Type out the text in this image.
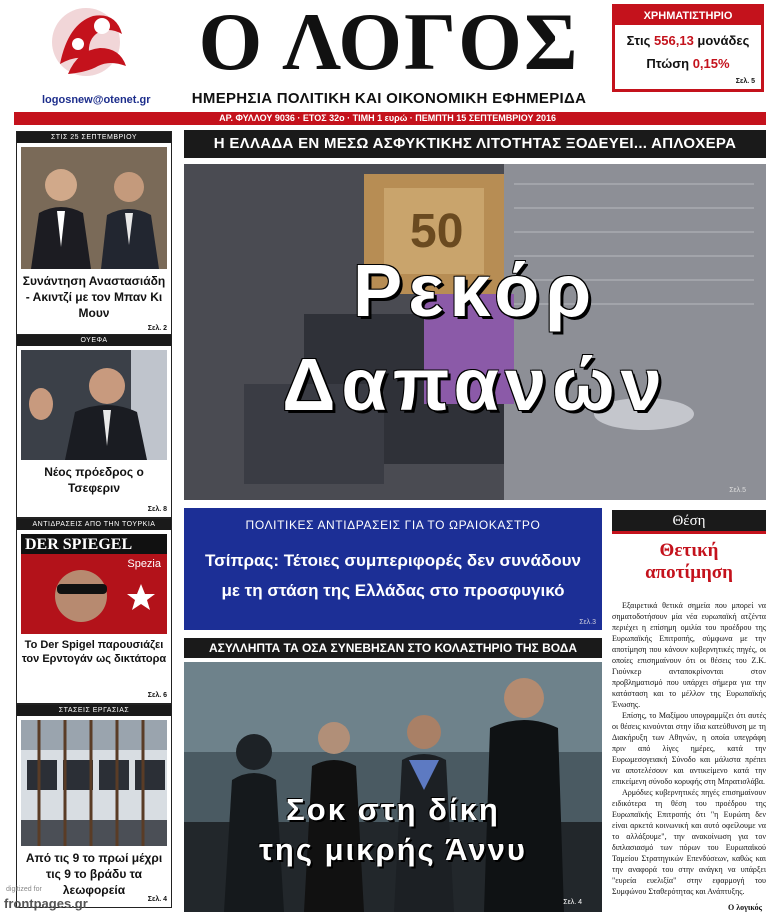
logosnew@otenet.gr
Ο ΛΟΓΟΣ
ΗΜΕΡΗΣΙΑ ΠΟΛΙΤΙΚΗ ΚΑΙ ΟΙΚΟΝΟΜΙΚΗ ΕΦΗΜΕΡΙΔΑ
ΑΡ. ΦΥΛΛΟΥ 9036 · ΕΤΟΣ 32ο · ΤΙΜΗ 1 ευρώ · ΠΕΜΠΤΗ 15 ΣΕΠΤΕΜΒΡΙΟΥ 2016
ΧΡΗΜΑΤΙΣΤΗΡΙΟ
Στις 556,13 μονάδες
Πτώση 0,15%
Σελ. 5
ΣΤΙΣ 25 ΣΕΠΤΕΜΒΡΙΟΥ
Συνάντηση Αναστασιάδη - Ακιντζί με τον Μπαν Κι Μουν
Σελ. 2
ΟΥΕΦΑ
Νέος πρόεδρος ο Τσεφεριν
Σελ. 8
ΑΝΤΙΔΡΑΣΕΙΣ ΑΠΟ ΤΗΝ ΤΟΥΡΚΙΑ
DER SPIEGEL
Spezia
Το Der Spigel παρουσιάζει τον Ερντογάν ως δικτάτορα
Σελ. 6
ΣΤΑΣΕΙΣ ΕΡΓΑΣΙΑΣ
Από τις 9 το πρωί μέχρι τις 9 το βράδυ τα λεωφορεία
Σελ. 4
Η ΕΛΛΑΔΑ ΕΝ ΜΕΣΩ ΑΣΦΥΚΤΙΚΗΣ ΛΙΤΟΤΗΤΑΣ ΞΟΔΕΥΕΙ... ΑΠΛΟΧΕΡΑ
50
Σελ.5
Ρεκόρ
Δαπανών
ΠΟΛΙΤΙΚΕΣ ΑΝΤΙΔΡΑΣΕΙΣ ΓΙΑ ΤΟ ΩΡΑΙΟΚΑΣΤΡΟ
Τσίπρας: Τέτοιες συμπεριφορές δεν συνάδουν
με τη στάση της Ελλάδας στο προσφυγικό
Σελ.3
ΑΣΥΛΛΗΠΤΑ ΤΑ ΟΣΑ ΣΥΝΕΒΗΣΑΝ ΣΤΟ ΚΟΛΑΣΤΗΡΙΟ ΤΗΣ ΒΟΔΑ
Σελ. 4
Σοκ στη δίκη
της μικρής Άννυ
Θέση
Θετική
αποτίμηση

Εξαιρετικά θετικά σημεία που μπορεί να σηματοδοτήσουν μία νέα ευρωπαϊκή ατζέντα περιέχει η επίσημη ομιλία του προέδρου της Ευρωπαϊκής Επιτροπής, σύμφωνα με την αποτίμηση που κάνουν κυβερνητικές πηγές, οι οποίες επισημαίνουν ότι οι θέσεις του Ζ.Κ. Γιούνκερ ανταποκρίνονται στον προβληματισμό που υπάρχει σήμερα για την κατάσταση και το μέλλον της Ευρωπαϊκής Ένωσης.

Επίσης, το Μαξίμου υπογραμμίζει ότι αυτές οι θέσεις κινούνται στην ίδια κατεύθυνση με τη Διακήρυξη των Αθηνών, η οποία υπεγράφη πριν από λίγες ημέρες, κατά την Ευρωμεσογειακή Σύνοδο και μάλιστα πρέπει να αποτελέσουν και αντικείμενο κατά την επικείμενη σύνοδο κορυφής στη Μπρατισλάβα.

Αρμόδιες κυβερνητικές πηγές επισημαίνουν ειδικότερα τη θέση του προέδρου της Ευρωπαϊκής Επιτροπής ότι "η Ευρώπη δεν είναι αρκετά κοινωνική και αυτό οφείλουμε να το αλλάξουμε", την ανακοίνωση για τον διπλασιασμό των πόρων του Ευρωπαϊκού Ταμείου Στρατηγικών Επενδύσεων, καθώς και την αναφορά του στην ανάγκη να υπάρξει "ευρεία ευελιξία" στην εφαρμογή του Συμφώνου Σταθερότητας και Ανάπτυξης.

Ο λογικός
digitized for
frontpages.gr
